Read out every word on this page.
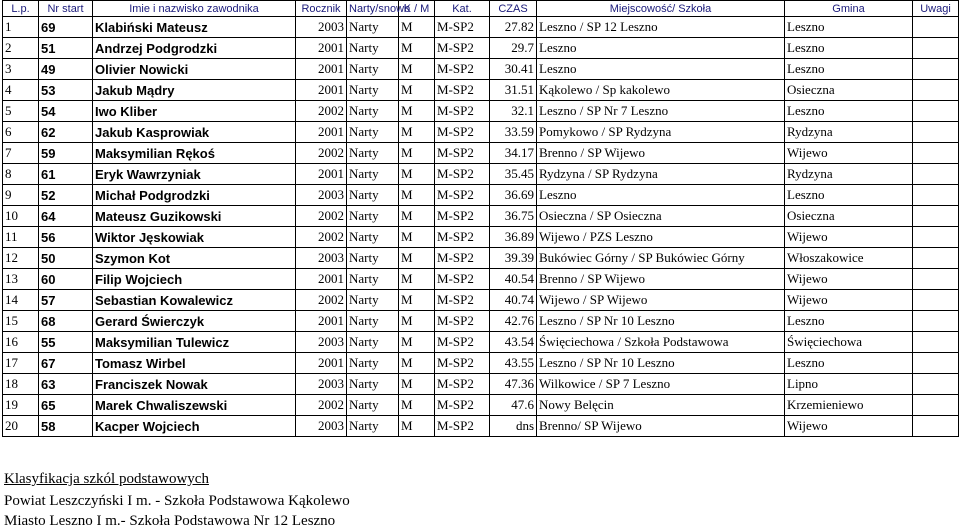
L.p.	Nr start	Imie i nazwisko zawodnika	Rocznik	Narty/snowb	K / M	Kat.	CZAS	Miejscowość/ Szkoła	Gmina	Uwagi
1	69	Klabiński Mateusz	2003	Narty	M	M-SP2	27.82	Leszno / SP 12 Leszno	Leszno	
2	51	Andrzej Podgrodzki	2001	Narty	M	M-SP2	29.7	Leszno	Leszno	
3	49	Olivier Nowicki	2001	Narty	M	M-SP2	30.41	Leszno	Leszno	
4	53	Jakub Mądry	2001	Narty	M	M-SP2	31.51	Kąkolewo / Sp kakolewo	Osieczna	
5	54	Iwo Kliber	2002	Narty	M	M-SP2	32.1	Leszno / SP Nr 7 Leszno	Leszno	
6	62	Jakub Kasprowiak	2001	Narty	M	M-SP2	33.59	Pomykowo / SP Rydzyna	Rydzyna	
7	59	Maksymilian Rękoś	2002	Narty	M	M-SP2	34.17	Brenno / SP Wijewo	Wijewo	
8	61	Eryk Wawrzyniak	2001	Narty	M	M-SP2	35.45	Rydzyna / SP Rydzyna	Rydzyna	
9	52	Michał Podgrodzki	2003	Narty	M	M-SP2	36.69	Leszno	Leszno	
10	64	Mateusz Guzikowski	2002	Narty	M	M-SP2	36.75	Osieczna / SP Osieczna	Osieczna	
11	56	Wiktor Jęskowiak	2002	Narty	M	M-SP2	36.89	Wijewo / PZS Leszno	Wijewo	
12	50	Szymon Kot	2003	Narty	M	M-SP2	39.39	Bukówiec Górny / SP Bukówiec Górny	Włoszakowice	
13	60	Filip Wojciech	2001	Narty	M	M-SP2	40.54	Brenno / SP Wijewo	Wijewo	
14	57	Sebastian Kowalewicz	2002	Narty	M	M-SP2	40.74	Wijewo / SP Wijewo	Wijewo	
15	68	Gerard Świerczyk	2001	Narty	M	M-SP2	42.76	Leszno / SP Nr 10 Leszno	Leszno	
16	55	Maksymilian Tulewicz	2003	Narty	M	M-SP2	43.54	Święciechowa / Szkoła Podstawowa	Święciechowa	
17	67	Tomasz Wirbel	2001	Narty	M	M-SP2	43.55	Leszno / SP Nr 10 Leszno	Leszno	
18	63	Franciszek Nowak	2003	Narty	M	M-SP2	47.36	Wilkowice / SP 7 Leszno	Lipno	
19	65	Marek Chwaliszewski	2002	Narty	M	M-SP2	47.6	Nowy Belęcin	Krzemieniewo	
20	58	Kacper Wojciech	2003	Narty	M	M-SP2	dns	Brenno/ SP Wijewo	Wijewo	
Klasyfikacja szkól podstawowych
Powiat Leszczyński I m. - Szkoła Podstawowa Kąkolewo
Miasto Leszno I m.- Szkoła Podstawowa Nr 12 Leszno
